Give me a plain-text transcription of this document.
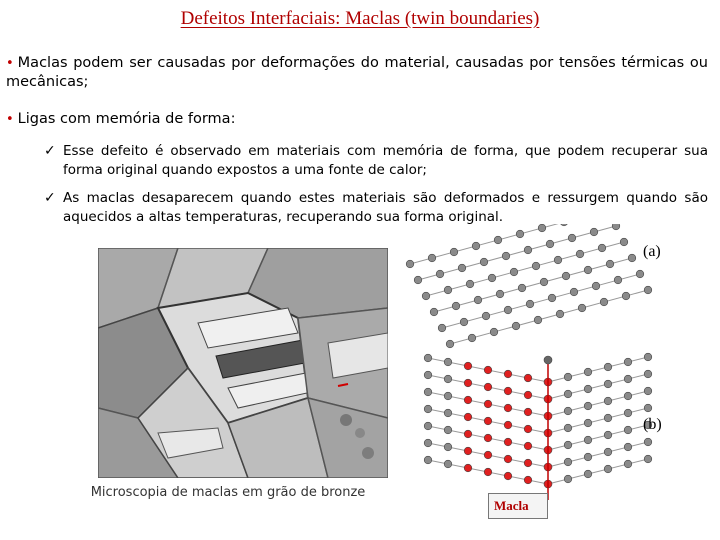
Defeitos Interfaciais: Maclas (twin boundaries)
• Maclas podem ser causadas por deformações do material, causadas por tensões térmicas ou mecânicas;
• Ligas com memória de forma:
✓ Esse defeito é observado em materiais com memória de forma, que podem recuperar sua forma original quando expostos a uma fonte de calor;
✓ As maclas desaparecem quando estes materiais são deformados e ressurgem quando são aquecidos a altas temperaturas, recuperando sua forma original.
Microscopia de maclas em grão de bronze
(a)
(b)
Macla
